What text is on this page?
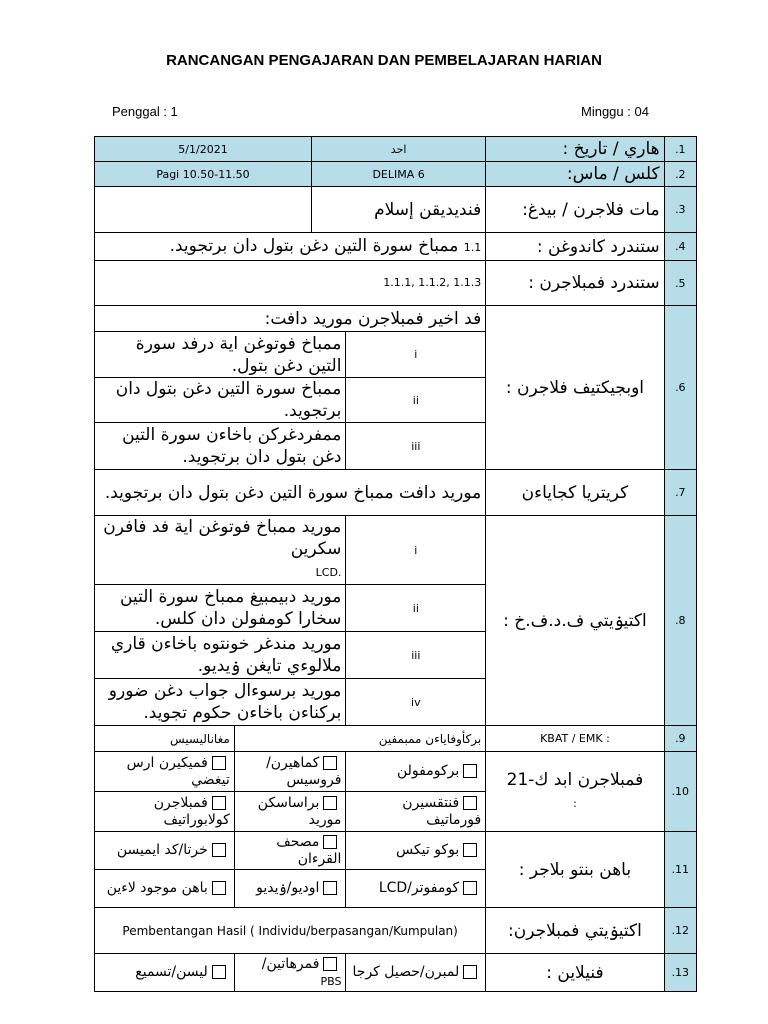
RANCANGAN PENGAJARAN DAN PEMBELAJARAN HARIAN
Penggal : 1	Minggu : 04
5/1/2021		احد		هاري / تاريخ :	.1
Pagi 10.50-11.50		DELIMA 6		كلس / ماس:	.2
		فنديديقن إسلام		مات فلاجرن / بيدغ:	.3
1.1 ممباخ سورة التين دغن بتول دان برتجويد.				ستندرد كاندوغن :	.4
1.1.3 ,1.1.2 ,1.1.1				ستندرد فمبلاجرن :	.5
فد اخير فمبلاجرن موريد دافت:				اوبجيكتيف فلاجرن :	.6
ممباخ فوتوغن اية درفد سورة التين دغن بتول.			i		
ممباخ سورة التين دغن بتول دان برتجويد.			ii		
ممفردغركن باخاءن سورة التين دغن بتول دان برتجويد.			iii		
موريد دافت ممباخ سورة التين دغن بتول دان برتجويد.				كريتريا كجاياءن	.7
موريد ممباخ فوتوغن اية فد فافرن سكرين
LCD.			i	اكتيۏيتي ف.د.ف.خ :	.8
موريد دبيمبيغ ممباخ سورة التين سخارا كومفولن دان كلس.			ii		
موريد مندغر خونتوه باخاءن قاري ملالوءي تايغن ۏيديو.			iii		
موريد برسوءال جواب دغن ضورو بركناءن باخاءن حكوم تجويد.			iv		
مغاناليسيس	بركأوفاياءن ممبمفين			KBAT / EMK :	.9
فميكيرن ارس تيغضي	كماهيرن/ فروسيس		بركومفولن	فمبلاجرن ابد ك-21
:	.10
فمبلاجرن كولابوراتيف	براساسكن موريد		فنتقسيرن فورماتيف		
خرتا/كد ايميسن	مصحف القرءان		بوكو تيكس	باهن بنتو بلاجر :	.11
باهن موجود لاءين	اوديو/ۏيديو		كومفوتر/LCD		
Pembentangan Hasil ( Individu/berpasangan/Kumpulan)				اكتيۏيتي فمبلاجرن:	.12
ليسن/تسميع	فمرهاتين/
PBS		لمبرن/حصيل كرجا	فنيلاين :	.13
